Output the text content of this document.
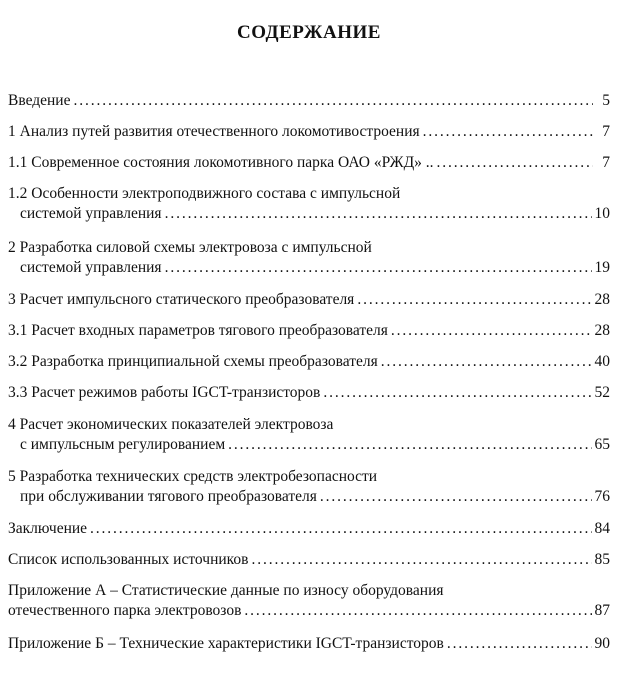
СОДЕРЖАНИЕ
Введение . . .	5
1 Анализ путей развития отечественного локомотивостроения . . .	7
1.1 Современное состояния локомотивного парка ОАО «РЖД» .. . . .	7
1.2 Особенности электроподвижного состава с импульсной
системой управления . . .	10
2 Разработка силовой схемы электровоза с импульсной
системой управления . . .	19
3 Расчет импульсного статического преобразователя . . .	28
3.1 Расчет входных параметров тягового преобразователя . . .	28
3.2 Разработка принципиальной схемы преобразователя . . .	40
3.3 Расчет режимов работы IGCT-транзисторов . . .	52
4 Расчет экономических показателей электровоза
с импульсным регулированием . . .	65
5 Разработка технических средств электробезопасности
при обслуживании тягового преобразователя . . .	76
Заключение . . .	84
Список использованных источников . . .	85
Приложение А – Статистические данные по износу оборудования
отечественного парка электровозов . . .	87
Приложение Б – Технические характеристики IGCT-транзисторов . . .	90
